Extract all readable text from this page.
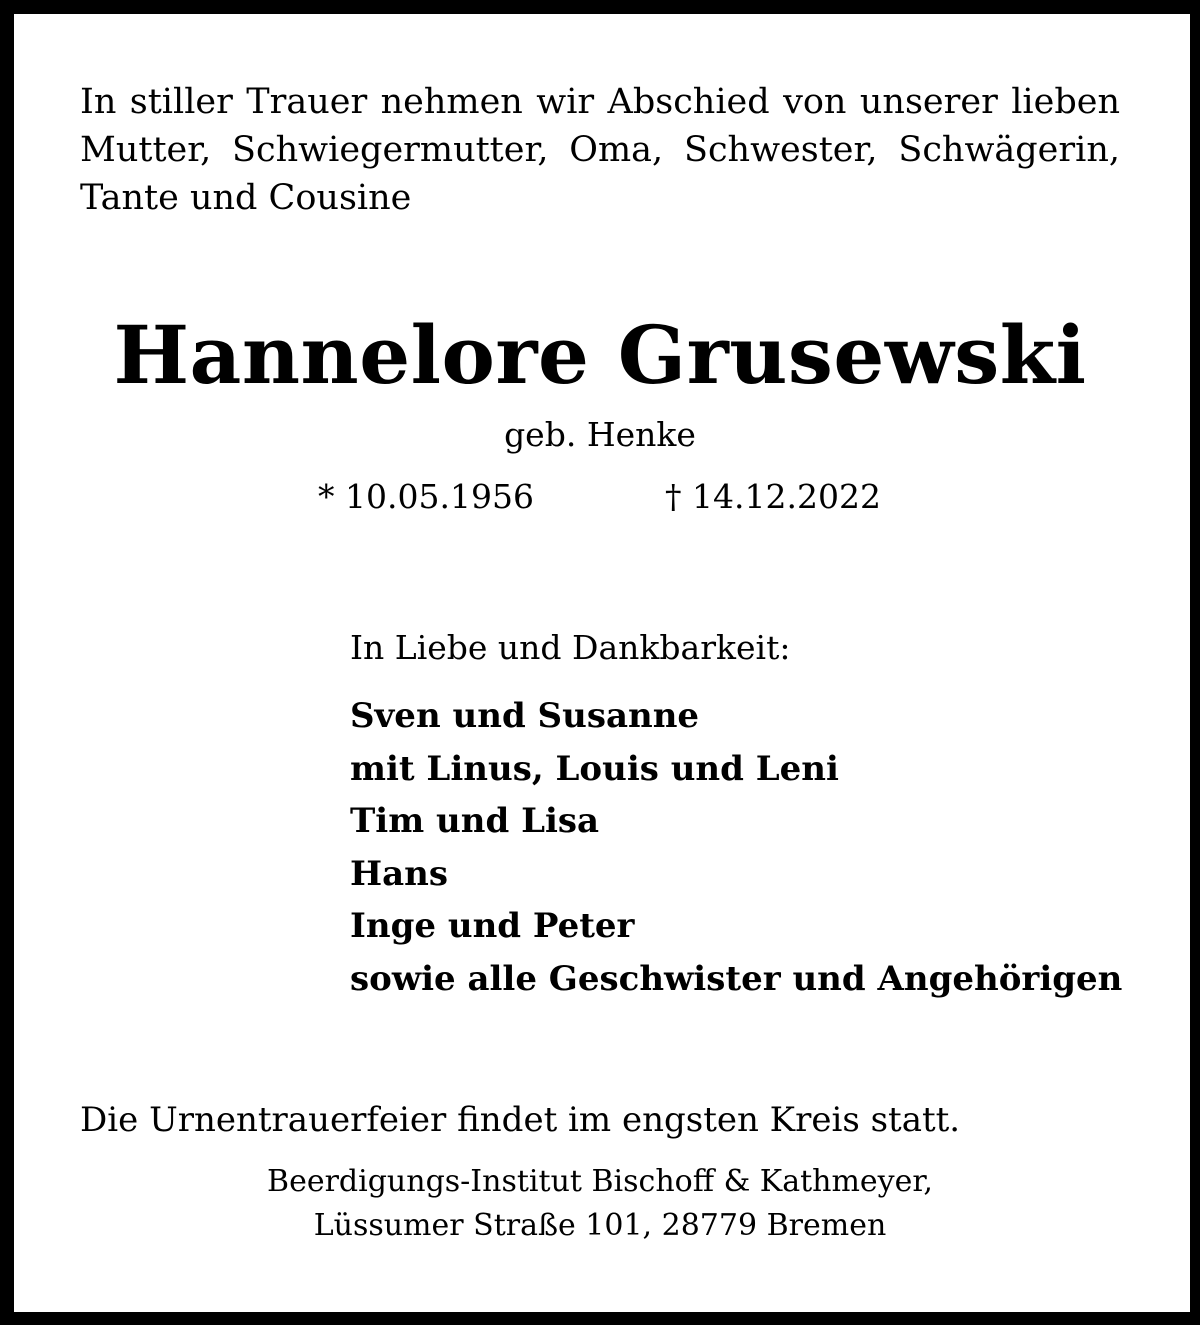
In stiller Trauer nehmen wir Abschied von unserer lieben
Mutter, Schwiegermutter, Oma, Schwester, Schwägerin,
Tante und Cousine

Hannelore Grusewski
geb. Henke
* 10.05.1956	† 14.12.2022
In Liebe und Dankbarkeit:
Sven und Susanne
mit Linus, Louis und Leni
Tim und Lisa
Hans
Inge und Peter
sowie alle Geschwister und Angehörigen
Die Urnentrauerfeier findet im engsten Kreis statt.
Beerdigungs-Institut Bischoff & Kathmeyer,
Lüssumer Straße 101, 28779 Bremen
